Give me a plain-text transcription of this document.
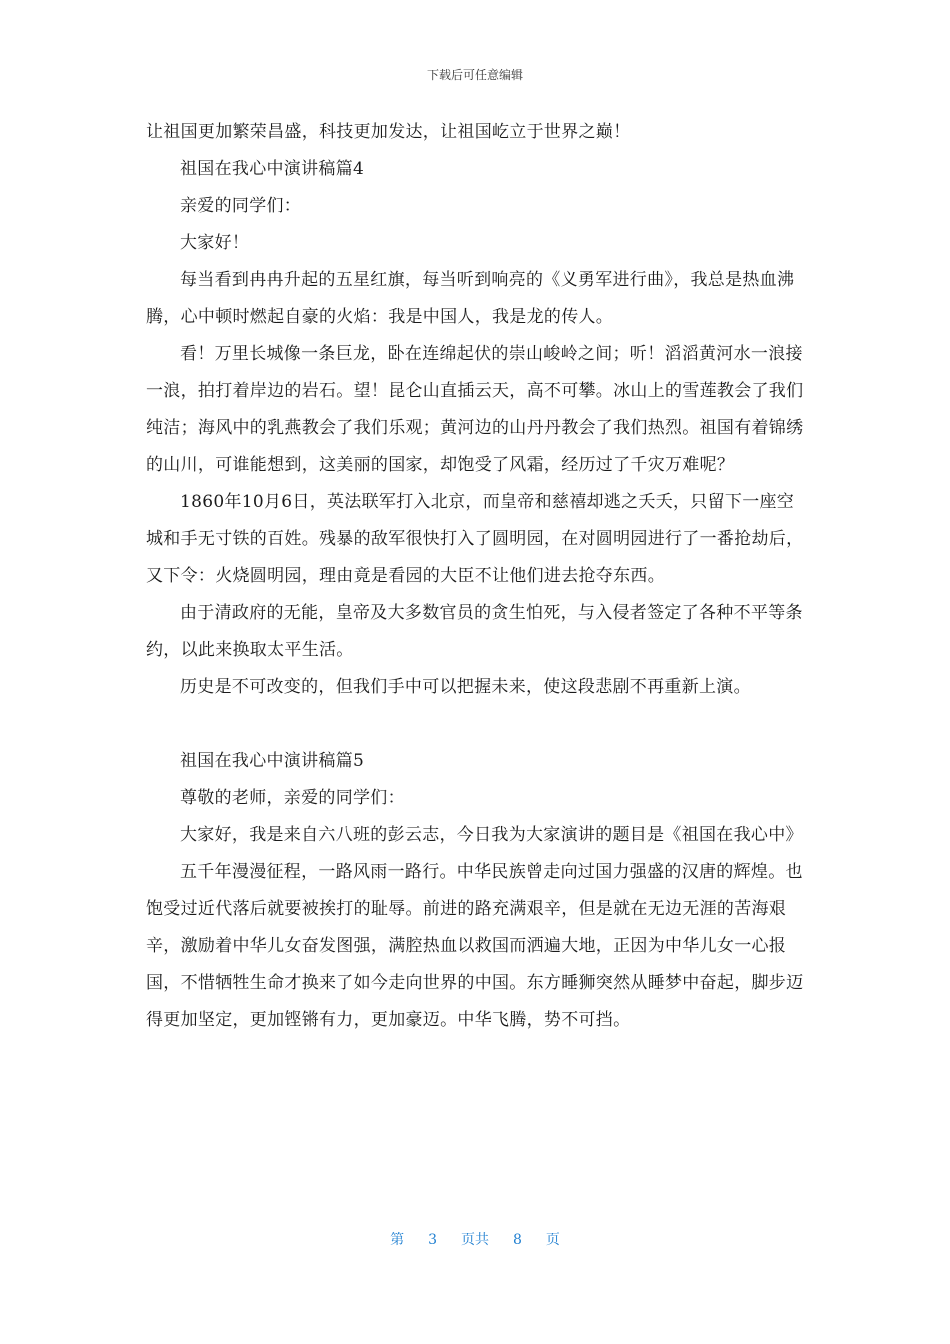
下载后可任意编辑

让祖国更加繁荣昌盛，科技更加发达，让祖国屹立于世界之巅！

祖国在我心中演讲稿篇4

亲爱的同学们：

大家好！

每当看到冉冉升起的五星红旗，每当听到响亮的《义勇军进行曲》，我总是热血沸腾，心中顿时燃起自豪的火焰：我是中国人，我是龙的传人。

看！万里长城像一条巨龙，卧在连绵起伏的崇山峻岭之间；听！滔滔黄河水一浪接一浪，拍打着岸边的岩石。望！昆仑山直插云天，高不可攀。冰山上的雪莲教会了我们纯洁；海风中的乳燕教会了我们乐观；黄河边的山丹丹教会了我们热烈。祖国有着锦绣的山川，可谁能想到，这美丽的国家，却饱受了风霜，经历过了千灾万难呢？

1860年10月6日，英法联军打入北京，而皇帝和慈禧却逃之夭夭，只留下一座空城和手无寸铁的百姓。残暴的敌军很快打入了圆明园，在对圆明园进行了一番抢劫后，又下令：火烧圆明园，理由竟是看园的大臣不让他们进去抢夺东西。

由于清政府的无能，皇帝及大多数官员的贪生怕死，与入侵者签定了各种不平等条约，以此来换取太平生活。

历史是不可改变的，但我们手中可以把握未来，使这段悲剧不再重新上演。

祖国在我心中演讲稿篇5

尊敬的老师，亲爱的同学们：

大家好，我是来自六八班的彭云志，今日我为大家演讲的题目是《祖国在我心中》

五千年漫漫征程，一路风雨一路行。中华民族曾走向过国力强盛的汉唐的辉煌。也饱受过近代落后就要被挨打的耻辱。前进的路充满艰辛，但是就在无边无涯的苦海艰辛，激励着中华儿女奋发图强，满腔热血以救国而洒遍大地，正因为中华儿女一心报国，不惜牺牲生命才换来了如今走向世界的中国。东方睡狮突然从睡梦中奋起，脚步迈得更加坚定，更加铿锵有力，更加豪迈。中华飞腾，势不可挡。

第 3 页共 8 页
